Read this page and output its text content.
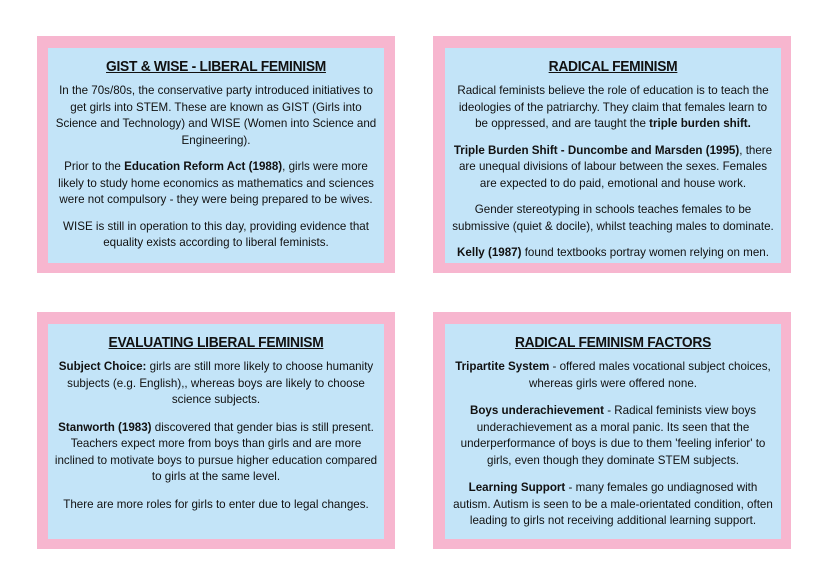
GIST & WISE - LIBERAL FEMINISM

In the 70s/80s, the conservative party introduced initiatives to get girls into STEM. These are known as GIST (Girls into Science and Technology) and WISE (Women into Science and Engineering).

Prior to the Education Reform Act (1988), girls were more likely to study home economics as mathematics and sciences were not compulsory - they were being prepared to be wives.

WISE is still in operation to this day, providing evidence that equality exists according to liberal feminists.

RADICAL FEMINISM

Radical feminists believe the role of education is to teach the ideologies of the patriarchy. They claim that females learn to be oppressed, and are taught the triple burden shift.

Triple Burden Shift - Duncombe and Marsden (1995), there are unequal divisions of labour between the sexes. Females are expected to do paid, emotional and house work.

Gender stereotyping in schools teaches females to be submissive (quiet & docile), whilst teaching males to dominate.

Kelly (1987) found textbooks portray women relying on men.

EVALUATING LIBERAL FEMINISM

Subject Choice: girls are still more likely to choose humanity subjects (e.g. English),, whereas boys are likely to choose science subjects.

Stanworth (1983) discovered that gender bias is still present. Teachers expect more from boys than girls and are more inclined to motivate boys to pursue higher education compared to girls at the same level.

There are more roles for girls to enter due to legal changes.

RADICAL FEMINISM FACTORS

Tripartite System - offered males vocational subject choices, whereas girls were offered none.

Boys underachievement - Radical feminists view boys underachievement as a moral panic. Its seen that the underperformance of boys is due to them 'feeling inferior' to girls, even though they dominate STEM subjects.

Learning Support - many females go undiagnosed with autism. Autism is seen to be a male-orientated condition, often leading to girls not receiving additional learning support.
